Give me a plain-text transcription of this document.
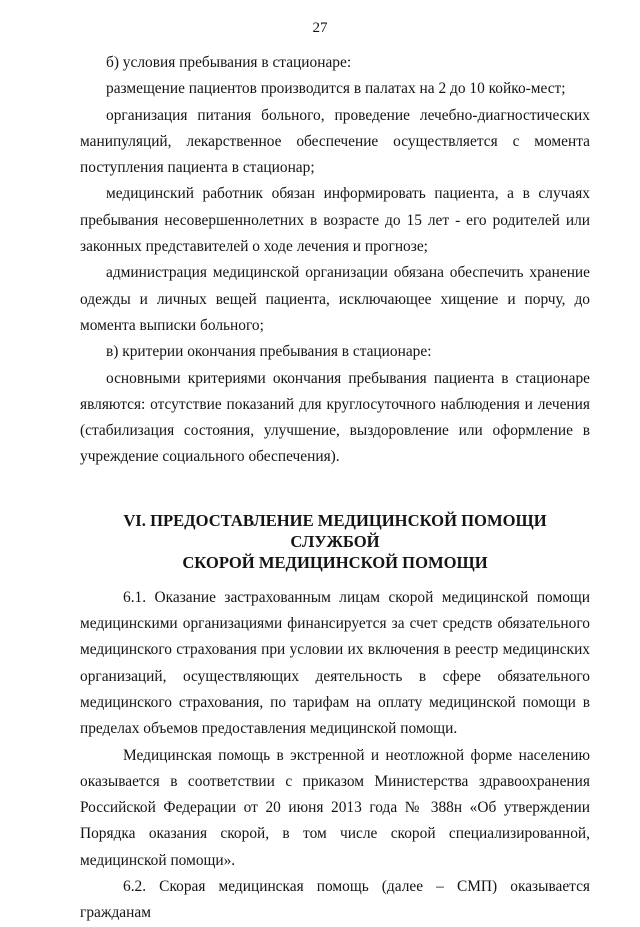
27

б) условия пребывания в стационаре:

размещение пациентов производится в палатах на 2 до 10 койко-мест;

организация питания больного, проведение лечебно-диагностических манипуляций, лекарственное обеспечение осуществляется с момента поступления пациента в стационар;

медицинский работник обязан информировать пациента, а в случаях пребывания несовершеннолетних в возрасте до 15 лет - его родителей или законных представителей о ходе лечения и прогнозе;

администрация медицинской организации обязана обеспечить хранение одежды и личных вещей пациента, исключающее хищение и порчу, до момента выписки больного;

в) критерии окончания пребывания в стационаре:

основными критериями окончания пребывания пациента в стационаре являются: отсутствие показаний для круглосуточного наблюдения и лечения (стабилизация состояния, улучшение, выздоровление или оформление в учреждение социального обеспечения).

VI. ПРЕДОСТАВЛЕНИЕ МЕДИЦИНСКОЙ ПОМОЩИ СЛУЖБОЙ
СКОРОЙ МЕДИЦИНСКОЙ ПОМОЩИ

6.1. Оказание застрахованным лицам скорой медицинской помощи медицинскими организациями финансируется за счет средств обязательного медицинского страхования при условии их включения в реестр медицинских организаций, осуществляющих деятельность в сфере обязательного медицинского страхования, по тарифам на оплату медицинской помощи в пределах объемов предоставления медицинской помощи.

Медицинская помощь в экстренной и неотложной форме населению оказывается в соответствии с приказом Министерства здравоохранения Российской Федерации от 20 июня 2013 года № 388н «Об утверждении Порядка оказания скорой, в том числе скорой специализированной, медицинской помощи».

6.2. Скорая медицинская помощь (далее – СМП) оказывается гражданам
